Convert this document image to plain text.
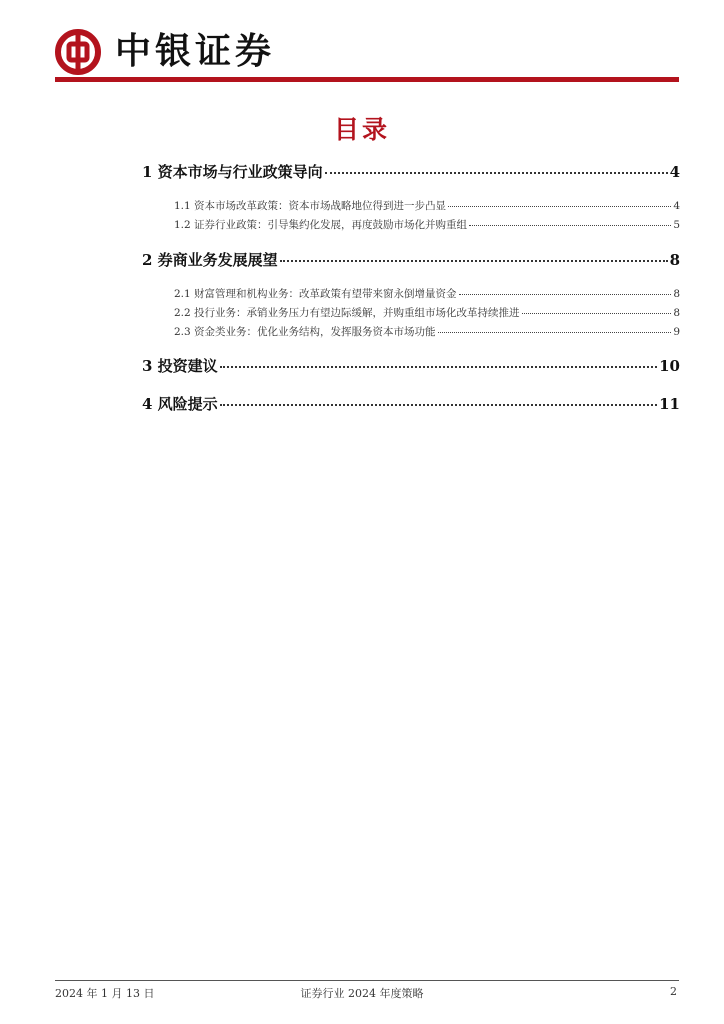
中银证券
目录
1 资本市场与行业政策导向	4
1.1 资本市场改革政策：资本市场战略地位得到进一步凸显	4
1.2 证券行业政策：引导集约化发展，再度鼓励市场化并购重组	5
2 券商业务发展展望	8
2.1 财富管理和机构业务：改革政策有望带来窗永倒增量资金	8
2.2 投行业务：承销业务压力有望边际缓解，并购重组市场化改革持续推进	8
2.3 资金类业务：优化业务结构，发挥服务资本市场功能	9
3 投资建议	10
4 风险提示	11
2024 年 1 月 13 日	证券行业 2024 年度策略	2
